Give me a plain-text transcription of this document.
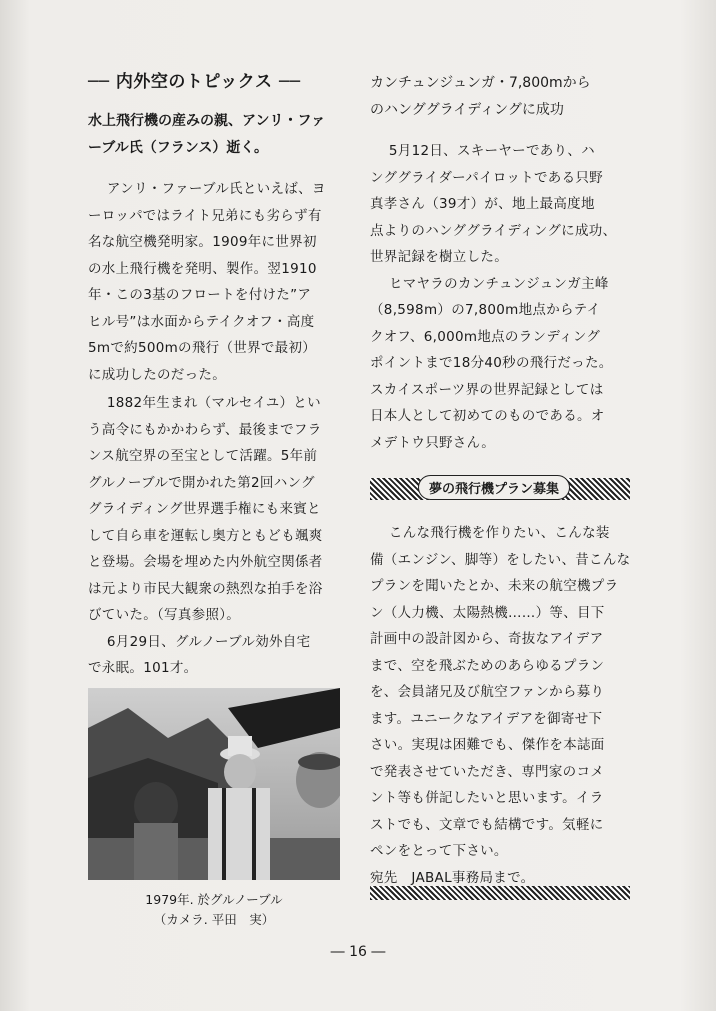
── 内外空のトピックス ──
水上飛行機の産みの親、アンリ・ファ
ーブル氏（フランス）逝く。
アンリ・ファーブル氏といえば、ヨ
ーロッパではライト兄弟にも劣らず有
名な航空機発明家。1909年に世界初
の水上飛行機を発明、製作。翌1910
年・この3基のフロートを付けた”ア
ヒル号”は水面からテイクオフ・高度
5mで約500mの飛行（世界で最初）
に成功したのだった。
1882年生まれ（マルセイユ）とい
う高令にもかかわらず、最後までフラ
ンス航空界の至宝として活躍。5年前
グルノーブルで開かれた第2回ハング
グライディング世界選手権にも来賓と
して自ら車を運転し奥方ともども颯爽
と登場。会場を埋めた内外航空関係者
は元より市民大観衆の熱烈な拍手を浴
びていた。（写真参照）。
6月29日、グルノーブル効外自宅
で永眠。101才。
1979年. 於グルノーブル
（カメラ. 平田　実）
カンチュンジュンガ・7,800mから
のハンググライディングに成功
5月12日、スキーヤーであり、ハ
ンググライダーパイロットである只野
真孝さん（39才）が、地上最高度地
点よりのハンググライディングに成功、
世界記録を樹立した。
ヒマヤラのカンチュンジュンガ主峰
（8,598m）の7,800m地点からテイ
クオフ、6,000m地点のランディング
ポイントまで18分40秒の飛行だった。
スカイスポーツ界の世界記録としては
日本人として初めてのものである。オ
メデトウ只野さん。
夢の飛行機プラン募集
こんな飛行機を作りたい、こんな装
備（エンジン、脚等）をしたい、昔こんな
プランを聞いたとか、未来の航空機プラ
ン（人力機、太陽熱機……）等、目下
計画中の設計図から、奇抜なアイデア
まで、空を飛ぶためのあらゆるプラン
を、会員諸兄及び航空ファンから募り
ます。ユニークなアイデアを御寄せ下
さい。実現は困難でも、傑作を本誌面
で発表させていただき、専門家のコメ
ント等も併記したいと思います。イラ
ストでも、文章でも結構です。気軽に
ペンをとって下さい。
宛先　JABAL事務局まで。
― 16 ―
